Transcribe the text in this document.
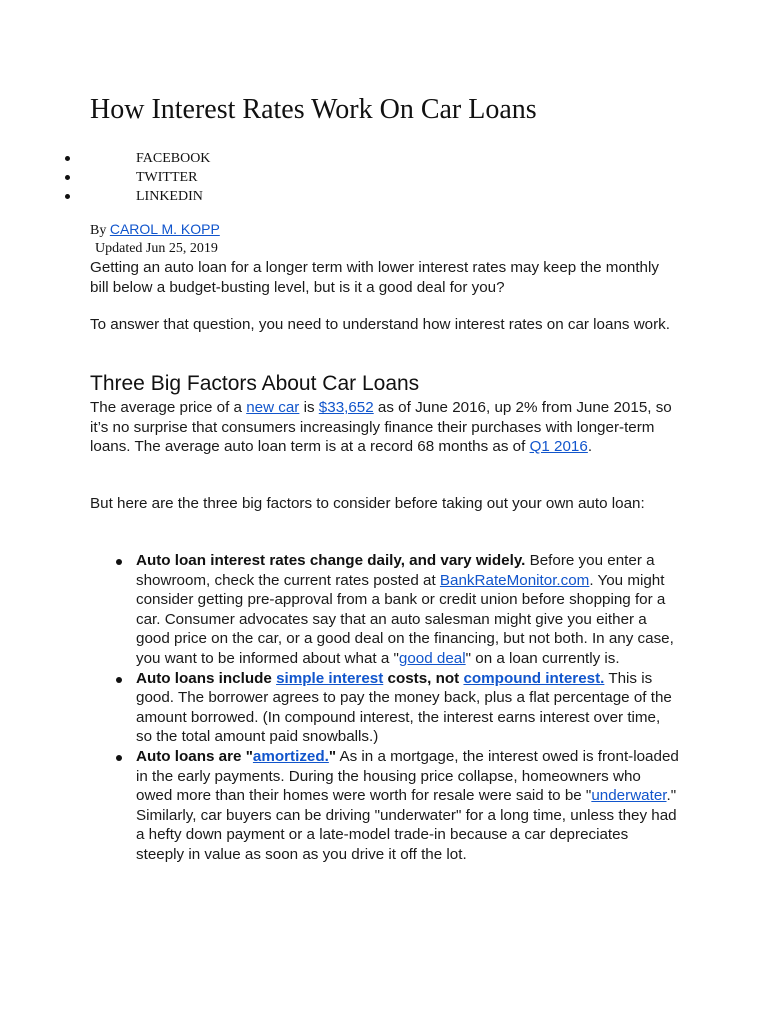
How Interest Rates Work On Car Loans
FACEBOOK
TWITTER
LINKEDIN
By CAROL M. KOPP
Updated Jun 25, 2019

Getting an auto loan for a longer term with lower interest rates may keep the monthly bill below a budget-busting level, but is it a good deal for you?

To answer that question, you need to understand how interest rates on car loans work.

Three Big Factors About Car Loans

The average price of a new car is $33,652 as of June 2016, up 2% from June 2015, so it’s no surprise that consumers increasingly finance their purchases with longer-term loans. The average auto loan term is at a record 68 months as of Q1 2016.

But here are the three big factors to consider before taking out your own auto loan:

Auto loan interest rates change daily, and vary widely. Before you enter a showroom, check the current rates posted at BankRateMonitor.com. You might consider getting pre-approval from a bank or credit union before shopping for a car. Consumer advocates say that an auto salesman might give you either a good price on the car, or a good deal on the financing, but not both. In any case, you want to be informed about what a "good deal" on a loan currently is.
Auto loans include simple interest costs, not compound interest. This is good. The borrower agrees to pay the money back, plus a flat percentage of the amount borrowed. (In compound interest, the interest earns interest over time, so the total amount paid snowballs.)
Auto loans are "amortized." As in a mortgage, the interest owed is front-loaded in the early payments. During the housing price collapse, homeowners who owed more than their homes were worth for resale were said to be "underwater." Similarly, car buyers can be driving "underwater" for a long time, unless they had a hefty down payment or a late-model trade-in because a car depreciates steeply in value as soon as you drive it off the lot.
